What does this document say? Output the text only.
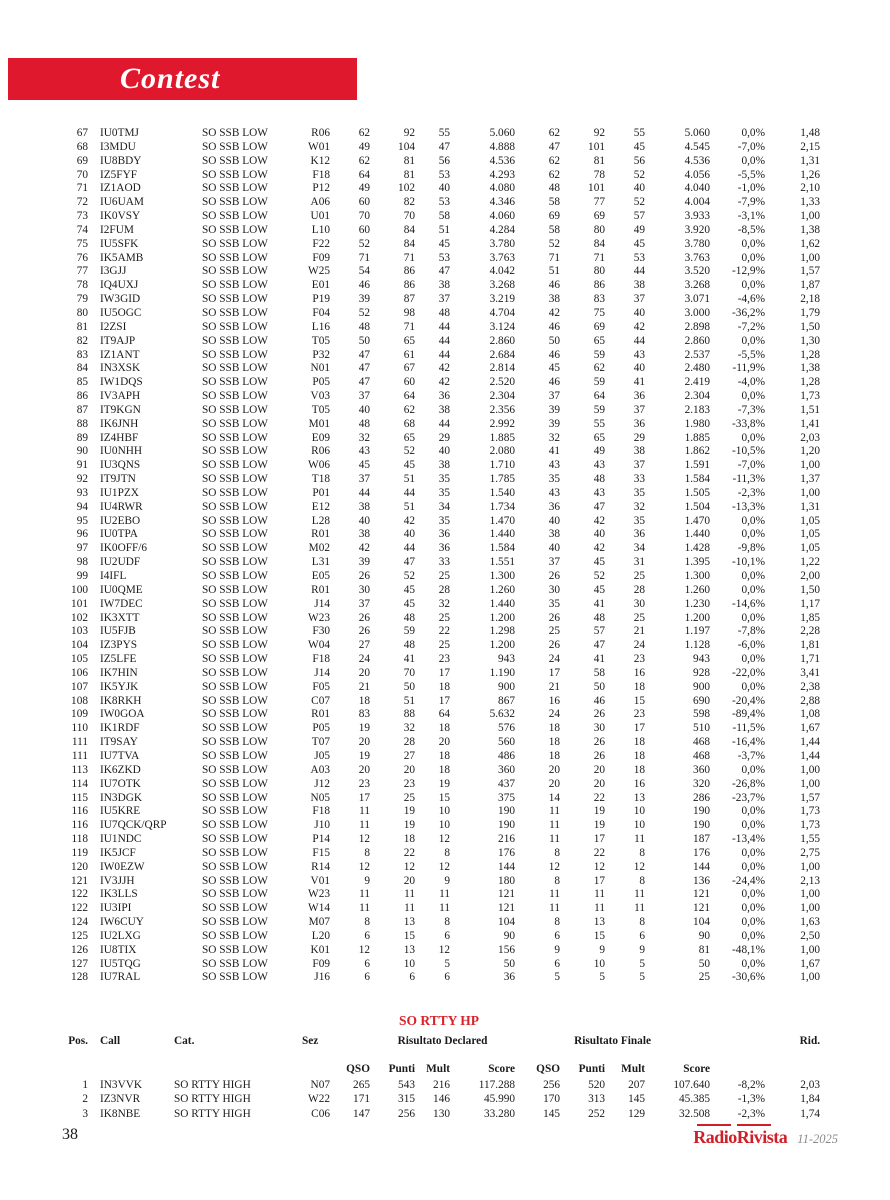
Contest
67	IU0TMJ	SO SSB LOW	R06	62	92	55	5.060	62	92	55	5.060	0,0%	1,48
68	I3MDU	SO SSB LOW	W01	49	104	47	4.888	47	101	45	4.545	-7,0%	2,15
69	IU8BDY	SO SSB LOW	K12	62	81	56	4.536	62	81	56	4.536	0,0%	1,31
70	IZ5FYF	SO SSB LOW	F18	64	81	53	4.293	62	78	52	4.056	-5,5%	1,26
71	IZ1AOD	SO SSB LOW	P12	49	102	40	4.080	48	101	40	4.040	-1,0%	2,10
72	IU6UAM	SO SSB LOW	A06	60	82	53	4.346	58	77	52	4.004	-7,9%	1,33
73	IK0VSY	SO SSB LOW	U01	70	70	58	4.060	69	69	57	3.933	-3,1%	1,00
74	I2FUM	SO SSB LOW	L10	60	84	51	4.284	58	80	49	3.920	-8,5%	1,38
75	IU5SFK	SO SSB LOW	F22	52	84	45	3.780	52	84	45	3.780	0,0%	1,62
76	IK5AMB	SO SSB LOW	F09	71	71	53	3.763	71	71	53	3.763	0,0%	1,00
77	I3GJJ	SO SSB LOW	W25	54	86	47	4.042	51	80	44	3.520	-12,9%	1,57
78	IQ4UXJ	SO SSB LOW	E01	46	86	38	3.268	46	86	38	3.268	0,0%	1,87
79	IW3GID	SO SSB LOW	P19	39	87	37	3.219	38	83	37	3.071	-4,6%	2,18
80	IU5OGC	SO SSB LOW	F04	52	98	48	4.704	42	75	40	3.000	-36,2%	1,79
81	I2ZSI	SO SSB LOW	L16	48	71	44	3.124	46	69	42	2.898	-7,2%	1,50
82	IT9AJP	SO SSB LOW	T05	50	65	44	2.860	50	65	44	2.860	0,0%	1,30
83	IZ1ANT	SO SSB LOW	P32	47	61	44	2.684	46	59	43	2.537	-5,5%	1,28
84	IN3XSK	SO SSB LOW	N01	47	67	42	2.814	45	62	40	2.480	-11,9%	1,38
85	IW1DQS	SO SSB LOW	P05	47	60	42	2.520	46	59	41	2.419	-4,0%	1,28
86	IV3APH	SO SSB LOW	V03	37	64	36	2.304	37	64	36	2.304	0,0%	1,73
87	IT9KGN	SO SSB LOW	T05	40	62	38	2.356	39	59	37	2.183	-7,3%	1,51
88	IK6JNH	SO SSB LOW	M01	48	68	44	2.992	39	55	36	1.980	-33,8%	1,41
89	IZ4HBF	SO SSB LOW	E09	32	65	29	1.885	32	65	29	1.885	0,0%	2,03
90	IU0NHH	SO SSB LOW	R06	43	52	40	2.080	41	49	38	1.862	-10,5%	1,20
91	IU3QNS	SO SSB LOW	W06	45	45	38	1.710	43	43	37	1.591	-7,0%	1,00
92	IT9JTN	SO SSB LOW	T18	37	51	35	1.785	35	48	33	1.584	-11,3%	1,37
93	IU1PZX	SO SSB LOW	P01	44	44	35	1.540	43	43	35	1.505	-2,3%	1,00
94	IU4RWR	SO SSB LOW	E12	38	51	34	1.734	36	47	32	1.504	-13,3%	1,31
95	IU2EBO	SO SSB LOW	L28	40	42	35	1.470	40	42	35	1.470	0,0%	1,05
96	IU0TPA	SO SSB LOW	R01	38	40	36	1.440	38	40	36	1.440	0,0%	1,05
97	IK0OFF/6	SO SSB LOW	M02	42	44	36	1.584	40	42	34	1.428	-9,8%	1,05
98	IU2UDF	SO SSB LOW	L31	39	47	33	1.551	37	45	31	1.395	-10,1%	1,22
99	I4IFL	SO SSB LOW	E05	26	52	25	1.300	26	52	25	1.300	0,0%	2,00
100	IU0QME	SO SSB LOW	R01	30	45	28	1.260	30	45	28	1.260	0,0%	1,50
101	IW7DEC	SO SSB LOW	J14	37	45	32	1.440	35	41	30	1.230	-14,6%	1,17
102	IK3XTT	SO SSB LOW	W23	26	48	25	1.200	26	48	25	1.200	0,0%	1,85
103	IU5FJB	SO SSB LOW	F30	26	59	22	1.298	25	57	21	1.197	-7,8%	2,28
104	IZ3PYS	SO SSB LOW	W04	27	48	25	1.200	26	47	24	1.128	-6,0%	1,81
105	IZ5LFE	SO SSB LOW	F18	24	41	23	943	24	41	23	943	0,0%	1,71
106	IK7HIN	SO SSB LOW	J14	20	70	17	1.190	17	58	16	928	-22,0%	3,41
107	IK5YJK	SO SSB LOW	F05	21	50	18	900	21	50	18	900	0,0%	2,38
108	IK8RKH	SO SSB LOW	C07	18	51	17	867	16	46	15	690	-20,4%	2,88
109	IW0GOA	SO SSB LOW	R01	83	88	64	5.632	24	26	23	598	-89,4%	1,08
110	IK1RDF	SO SSB LOW	P05	19	32	18	576	18	30	17	510	-11,5%	1,67
111	IT9SAY	SO SSB LOW	T07	20	28	20	560	18	26	18	468	-16,4%	1,44
111	IU7TVA	SO SSB LOW	J05	19	27	18	486	18	26	18	468	-3,7%	1,44
113	IK6ZKD	SO SSB LOW	A03	20	20	18	360	20	20	18	360	0,0%	1,00
114	IU7OTK	SO SSB LOW	J12	23	23	19	437	20	20	16	320	-26,8%	1,00
115	IN3DGK	SO SSB LOW	N05	17	25	15	375	14	22	13	286	-23,7%	1,57
116	IU5KRE	SO SSB LOW	F18	11	19	10	190	11	19	10	190	0,0%	1,73
116	IU7QCK/QRP	SO SSB LOW	J10	11	19	10	190	11	19	10	190	0,0%	1,73
118	IU1NDC	SO SSB LOW	P14	12	18	12	216	11	17	11	187	-13,4%	1,55
119	IK5JCF	SO SSB LOW	F15	8	22	8	176	8	22	8	176	0,0%	2,75
120	IW0EZW	SO SSB LOW	R14	12	12	12	144	12	12	12	144	0,0%	1,00
121	IV3JJH	SO SSB LOW	V01	9	20	9	180	8	17	8	136	-24,4%	2,13
122	IK3LLS	SO SSB LOW	W23	11	11	11	121	11	11	11	121	0,0%	1,00
122	IU3IPI	SO SSB LOW	W14	11	11	11	121	11	11	11	121	0,0%	1,00
124	IW6CUY	SO SSB LOW	M07	8	13	8	104	8	13	8	104	0,0%	1,63
125	IU2LXG	SO SSB LOW	L20	6	15	6	90	6	15	6	90	0,0%	2,50
126	IU8TIX	SO SSB LOW	K01	12	13	12	156	9	9	9	81	-48,1%	1,00
127	IU5TQG	SO SSB LOW	F09	6	10	5	50	6	10	5	50	0,0%	1,67
128	IU7RAL	SO SSB LOW	J16	6	6	6	36	5	5	5	25	-30,6%	1,00
SO RTTY HP
Pos.	Call	Cat.	Sez		Risultato Declared			Risultato Finale				Rid.	

				QSO	Punti	Mult	Score	QSO	Punti	Mult	Score			
1	IN3VVK	SO RTTY HIGH	N07	265	543	216	117.288	256	520	207	107.640	-8,2%	2,03	
2	IZ3NVR	SO RTTY HIGH	W22	171	315	146	45.990	170	313	145	45.385	-1,3%	1,84	
3	IK8NBE	SO RTTY HIGH	C06	147	256	130	33.280	145	252	129	32.508	-2,3%	1,74	
38	RadioRivista 11-2025
